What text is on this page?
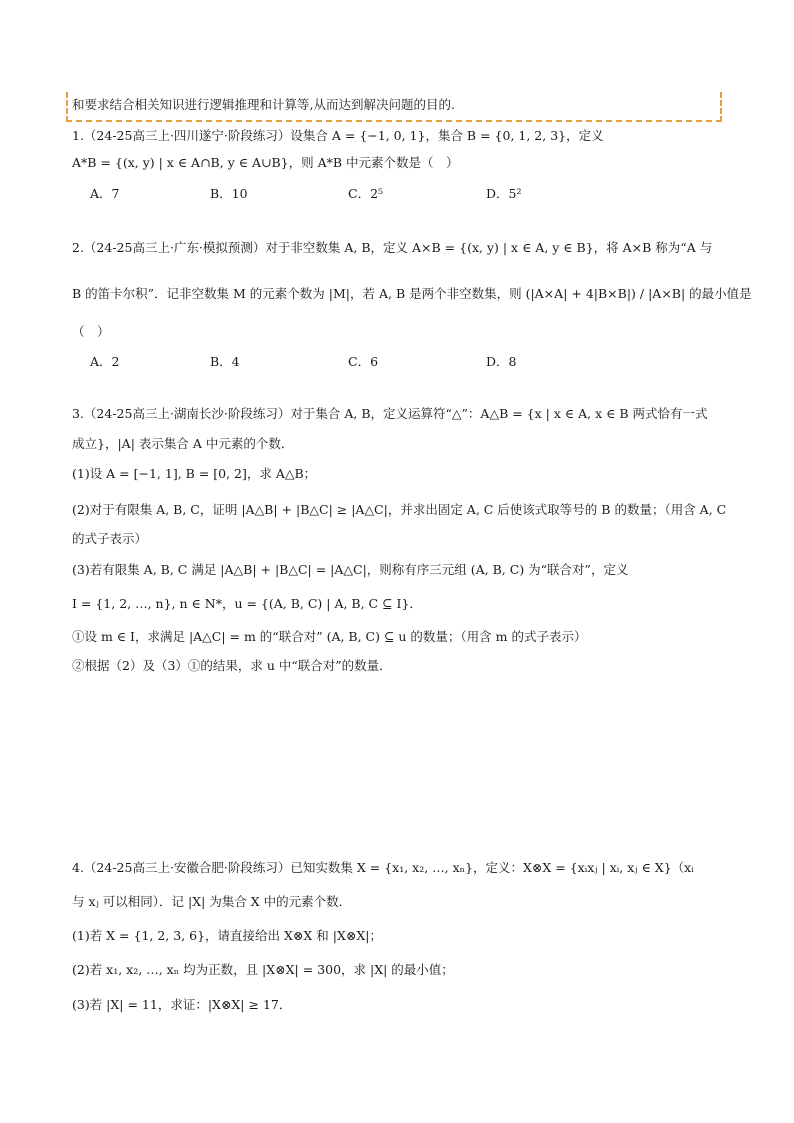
和要求结合相关知识进行逻辑推理和计算等,从而达到解决问题的目的.
1.（24-25高三上·四川遂宁·阶段练习）设集合 A = {−1, 0, 1}，集合 B = {0, 1, 2, 3}，定义
A*B = {(x, y) | x ∈ A∩B, y ∈ A∪B}，则 A*B 中元素个数是（　）
A．7	B．10	C．2⁵	D．5²
2.（24-25高三上·广东·模拟预测）对于非空数集 A, B，定义 A×B = {(x, y) | x ∈ A, y ∈ B}，将 A×B 称为“A 与
B 的笛卡尔积”．记非空数集 M 的元素个数为 |M|，若 A, B 是两个非空数集，则 (|A×A| + 4|B×B|) / |A×B| 的最小值是
（　）
A．2	B．4	C．6	D．8
3.（24-25高三上·湖南长沙·阶段练习）对于集合 A, B，定义运算符“△”：A△B = {x | x ∈ A, x ∈ B 两式恰有一式
成立}，|A| 表示集合 A 中元素的个数．
(1)设 A = [−1, 1], B = [0, 2]，求 A△B；
(2)对于有限集 A, B, C，证明 |A△B| + |B△C| ≥ |A△C|，并求出固定 A, C 后使该式取等号的 B 的数量；（用含 A, C
的式子表示）
(3)若有限集 A, B, C 满足 |A△B| + |B△C| = |A△C|，则称有序三元组 (A, B, C) 为“联合对”，定义
I = {1, 2, …, n}, n ∈ N*，u = {(A, B, C) | A, B, C ⊆ I}．
①设 m ∈ I，求满足 |A△C| = m 的“联合对” (A, B, C) ⊆ u 的数量；（用含 m 的式子表示）
②根据（2）及（3）①的结果，求 u 中“联合对”的数量．
4.（24-25高三上·安徽合肥·阶段练习）已知实数集 X = {x₁, x₂, …, xₙ}，定义：X⊗X = {xᵢxⱼ | xᵢ, xⱼ ∈ X}（xᵢ
与 xⱼ 可以相同）．记 |X| 为集合 X 中的元素个数．
(1)若 X = {1, 2, 3, 6}，请直接给出 X⊗X 和 |X⊗X|；
(2)若 x₁, x₂, …, xₙ 均为正数，且 |X⊗X| = 300，求 |X| 的最小值；
(3)若 |X| = 11，求证：|X⊗X| ≥ 17．
